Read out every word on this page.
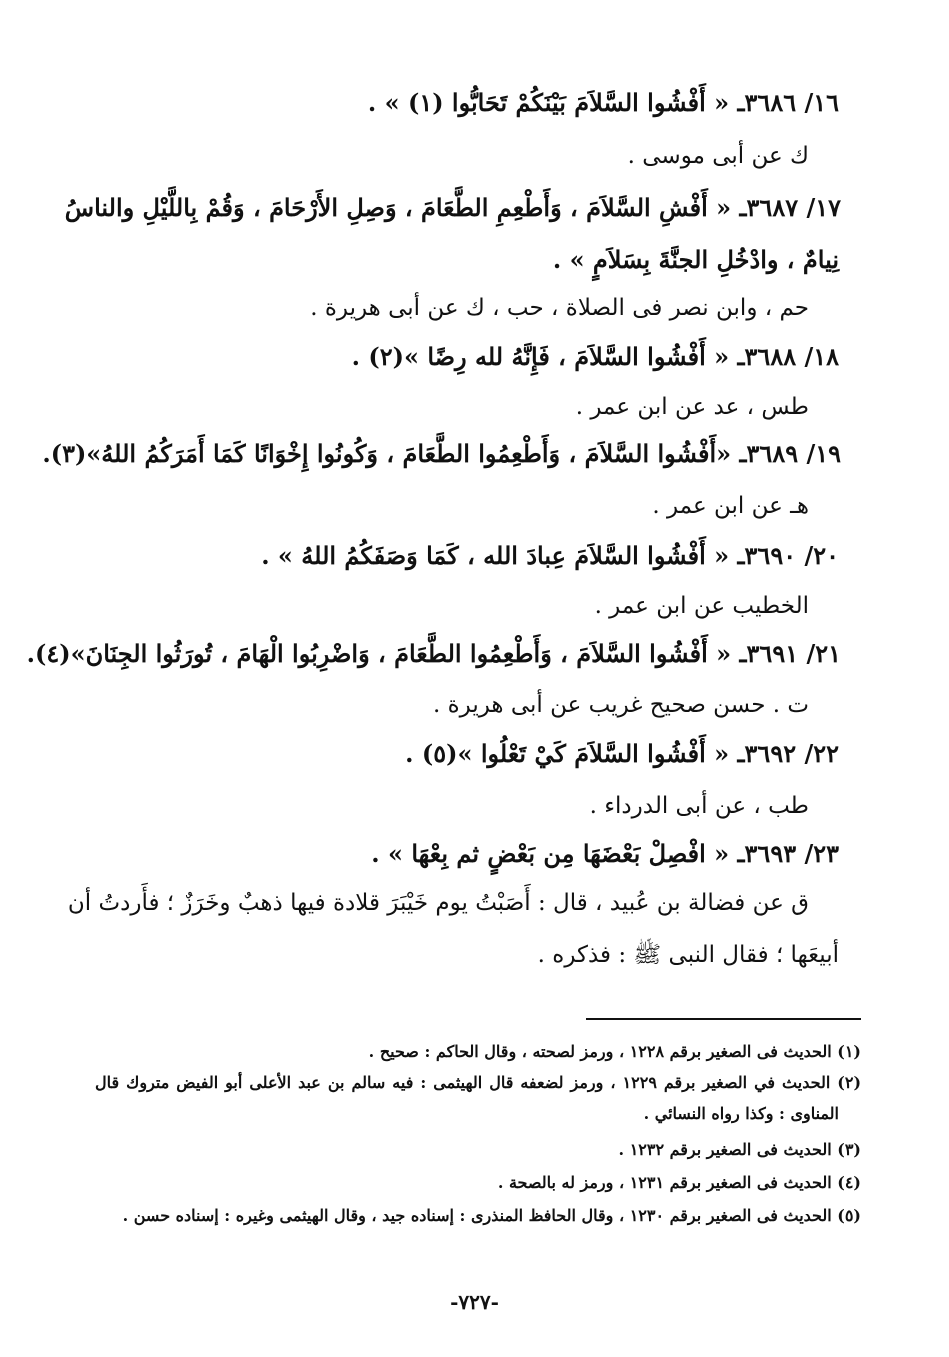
١٦/ ٣٦٨٦ـ « أَفْشُوا السَّلاَمَ بَيْنَكُمْ تَحَابُّوا (١) » .
ك عن أبى موسى .
١٧/ ٣٦٨٧ـ « أَفْشِ السَّلاَمَ ، وَأَطْعِمِ الطَّعَامَ ، وَصِلِ الأَرْحَامَ ، وَقُمْ بِاللَّيْلِ والناسُ
نِيامٌ ، وادْخُلِ الجنَّةَ بِسَلاَمٍ » .
حم ، وابن نصر فى الصلاة ، حب ، ك عن أبى هريرة .
١٨/ ٣٦٨٨ـ « أَفْشُوا السَّلاَمَ ، فَإِنَّهُ لله رِضًا »(٢) .
طس ، عد عن ابن عمر .
١٩/ ٣٦٨٩ـ «أَفْشُوا السَّلاَمَ ، وَأَطْعِمُوا الطَّعَامَ ، وَكُونُوا إِخْوَانًا كَمَا أَمَرَكُمُ اللهُ»(٣).
هـ عن ابن عمر .
٢٠/ ٣٦٩٠ـ « أَفْشُوا السَّلاَمَ عِبادَ الله ، كَمَا وَصَفَكُمُ اللهُ » .
الخطيب عن ابن عمر .
٢١/ ٣٦٩١ـ « أَفْشُوا السَّلاَمَ ، وَأَطْعِمُوا الطَّعَامَ ، وَاضْرِبُوا الْهَامَ ، تُورَثُوا الجِنَانَ»(٤).
ت . حسن صحيح غريب عن أبى هريرة .
٢٢/ ٣٦٩٢ـ « أَفْشُوا السَّلاَمَ كَيْ تَعْلُوا »(٥) .
طب ، عن أبى الدرداء .
٢٣/ ٣٦٩٣ـ « افْصِلْ بَعْضَهَا مِن بَعْضٍ ثم بِعْهَا » .
ق عن فضالة بن عُبيد ، قال : أَصَبْتُ يوم خَيْبَرَ قلادة فيها ذهبٌ وخَرَزٌ ؛ فأَردتُ أن
أبيعَها ؛ فقال النبى ﷺ : فذكره .
(١) الحديث فى الصغير برقم ١٢٢٨ ، ورمز لصحته ، وقال الحاكم : صحيح .
(٢) الحديث في الصغير برقم ١٢٢٩ ، ورمز لضعفه قال الهيثمى : فيه سالم بن عبد الأعلى أبو الفيض متروك قال
المناوى : وكذا رواه النسائي .
(٣) الحديث فى الصغير برقم ١٢٣٢ .
(٤) الحديث فى الصغير برقم ١٢٣١ ، ورمز له بالصحة .
(٥) الحديث فى الصغير برقم ١٢٣٠ ، وقال الحافظ المنذرى : إسناده جيد ، وقال الهيثمى وغيره : إسناده حسن .
-٧٢٧-
